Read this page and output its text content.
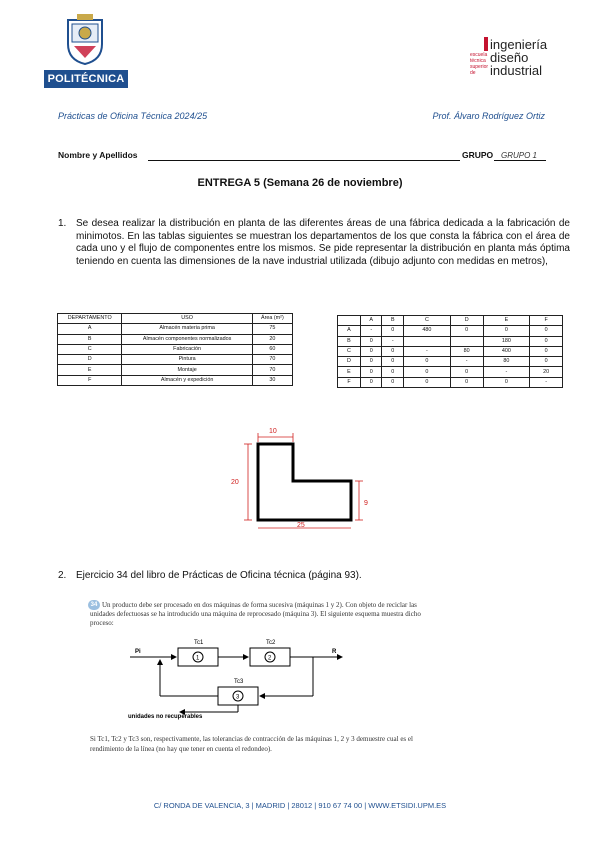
POLITÉCNICA
escuela técnica superior de
ingeniería
diseño
industrial
Prácticas de Oficina Técnica 2024/25	Prof. Álvaro Rodríguez Ortiz
Nombre y Apellidos	GRUPO GRUPO 1
ENTREGA 5 (Semana 26 de noviembre)
1. Se desea realizar la distribución en planta de las diferentes áreas de una fábrica dedicada a la fabricación de minimotos. En las tablas siguientes se muestran los departamentos de los que consta la fábrica con el área de cada uno y el flujo de componentes entre los mismos. Se pide representar la distribución en planta más óptima teniendo en cuenta las dimensiones de la nave industrial utilizada (dibujo adjunto con medidas en metros),
DEPARTAMENTO	USO	Área (m²)
A	Almacén materia prima	75
B	Almacén componentes normalizados	20
C	Fabricación	60
D	Pintura	70
E	Montaje	70
F	Almacén y expedición	30
	A	B	C	D	E	F
A	-	0	480	0	0	0
B	0	-			180	0
C	0	0	-	80	400	0
D	0	0	0	-	80	0
E	0	0	0	0	-	20
F	0	0	0	0	0	-
10
20
9
25
2. Ejercicio 34 del libro de Prácticas de Oficina técnica (página 93).
34 Un producto debe ser procesado en dos máquinas de forma sucesiva (máquinas 1 y 2). Con objeto de reciclar las unidades defectuosas se ha introducido una máquina de reprocesado (máquina 3). El siguiente esquema muestra dicho proceso:
Pi
Tc1	Tc2
Tc3
R
1	2
3
unidades no recuperables
Si Tc1, Tc2 y Tc3 son, respectivamente, las tolerancias de contracción de las máquinas 1, 2 y 3 demuestre cual es el rendimiento de la línea (no hay que tener en cuenta el redondeo).
C/ RONDA DE VALENCIA, 3 | MADRID | 28012 | 910 67 74 00 | WWW.ETSIDI.UPM.ES
